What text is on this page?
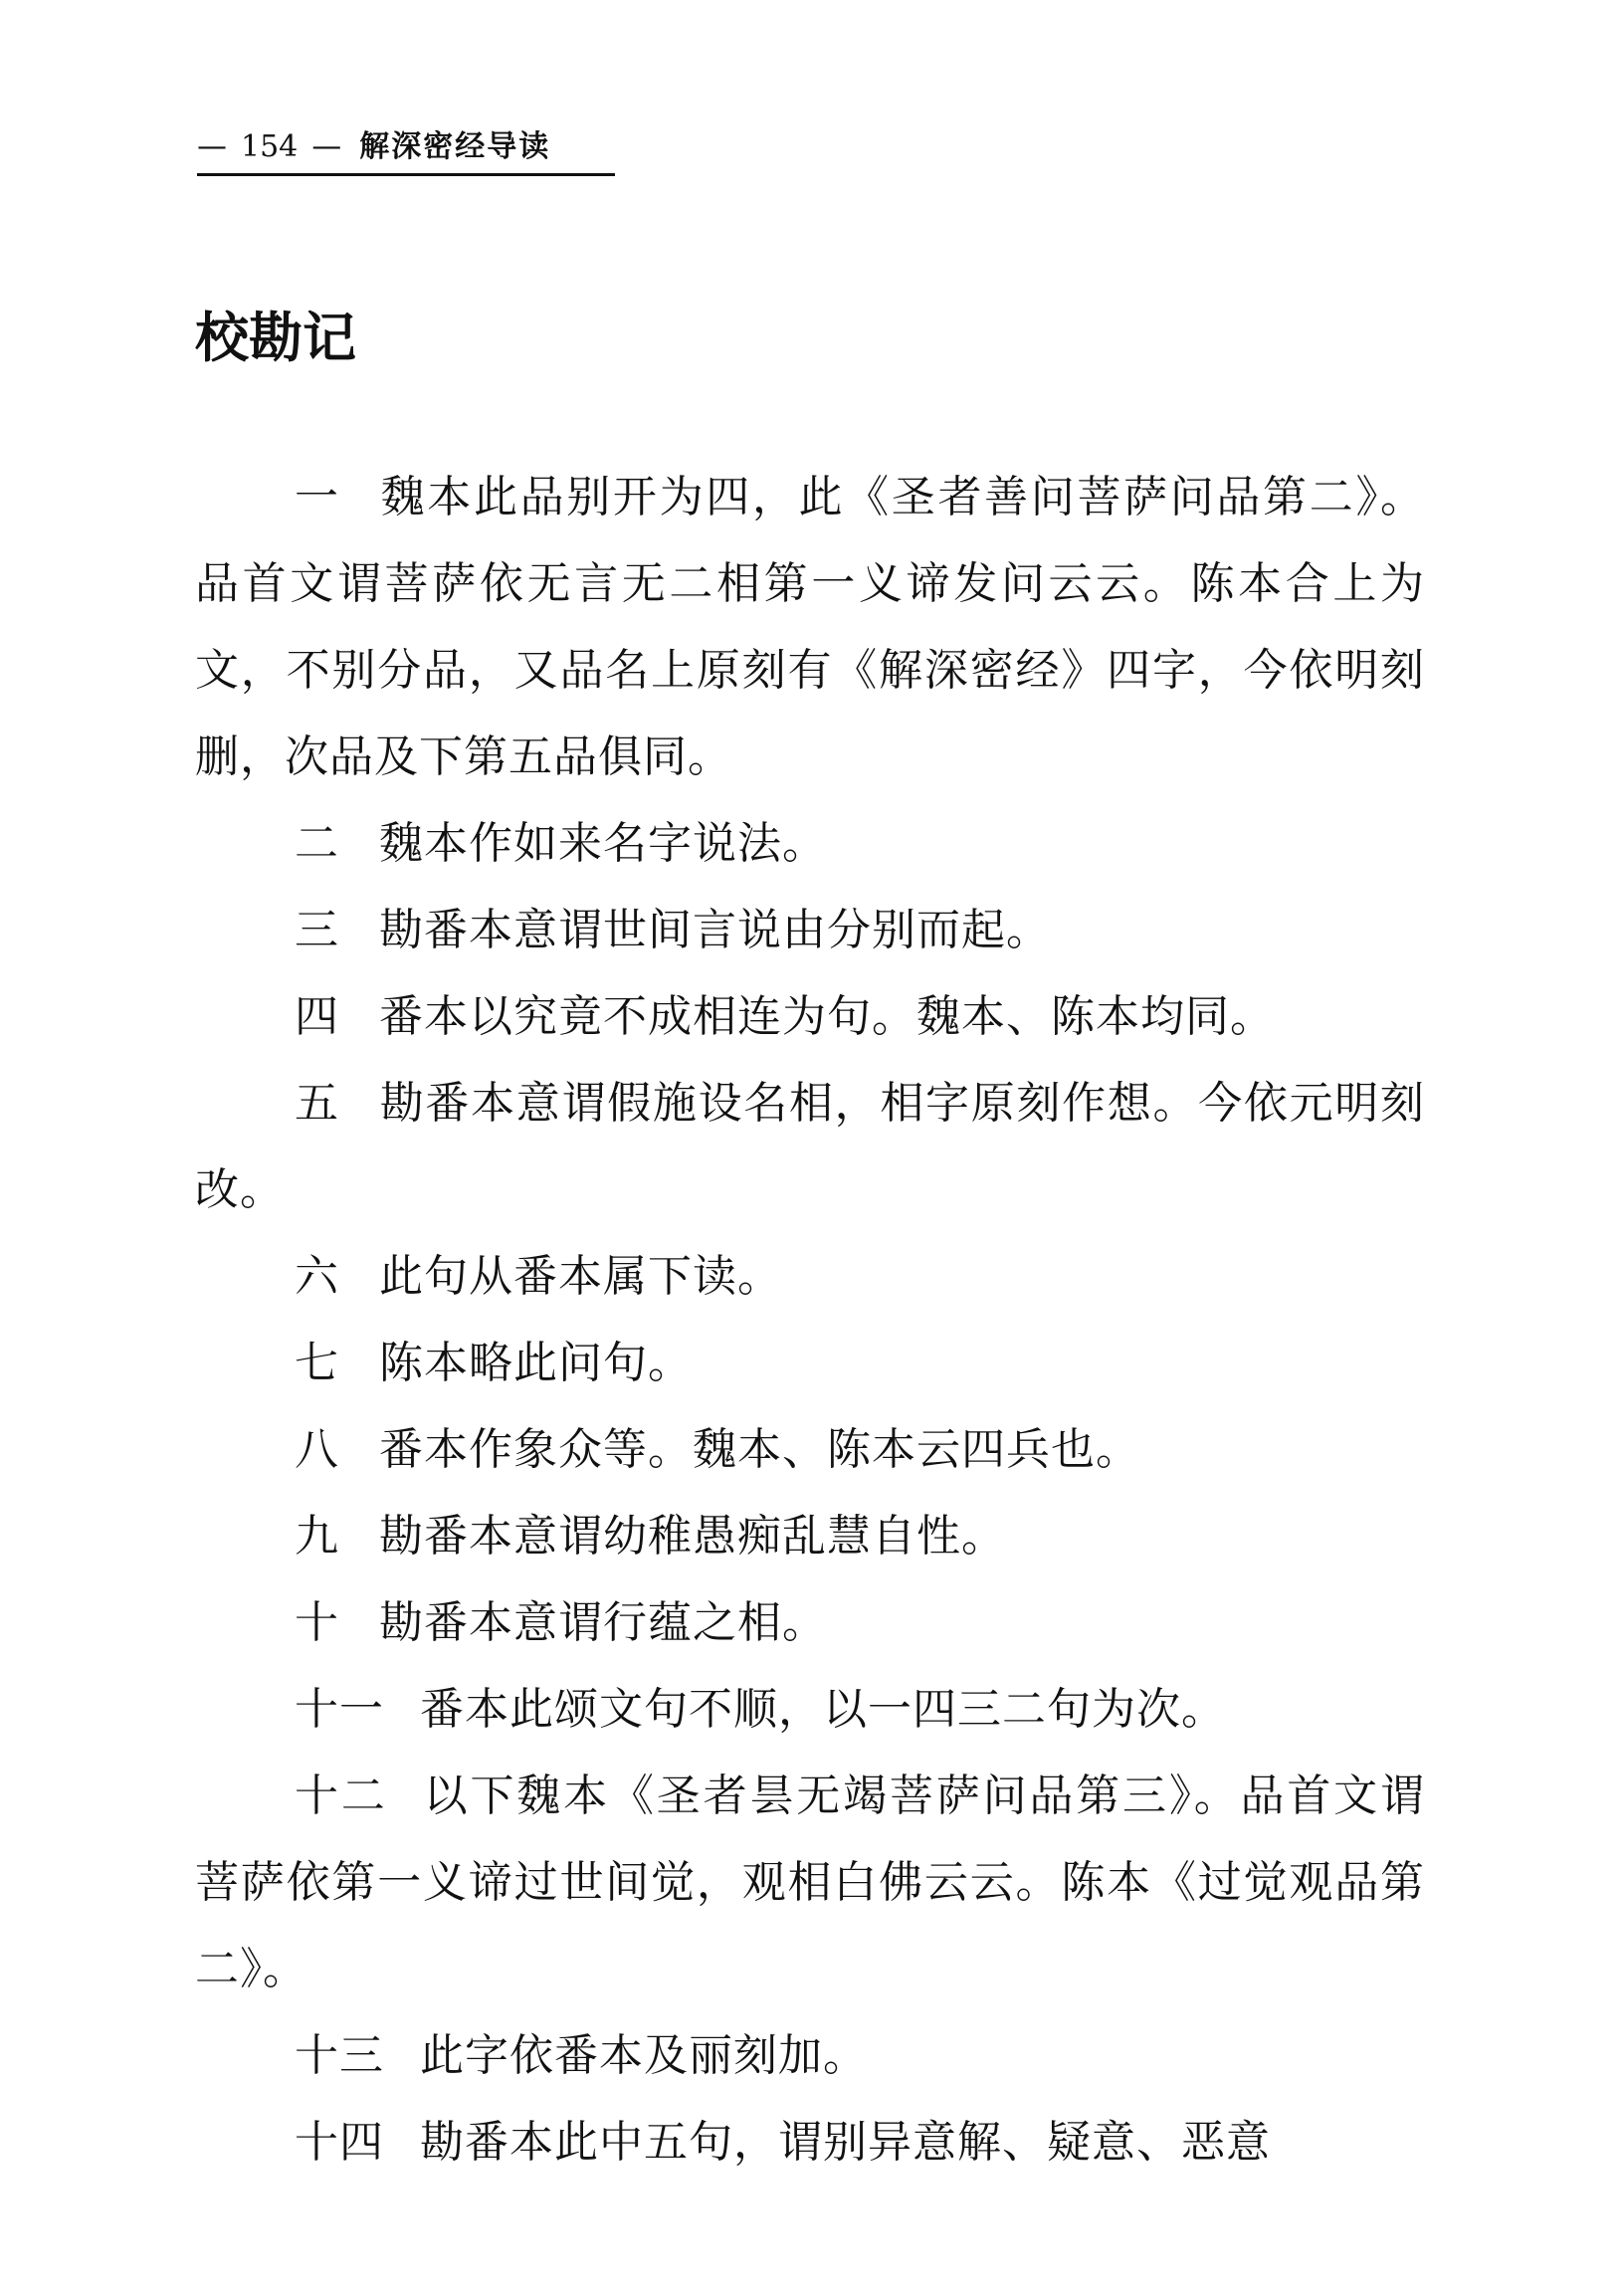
— 154 — 解深密经导读
校勘记

一 魏本此品别开为四，此《圣者善问菩萨问品第二》。品首文谓菩萨依无言无二相第一义谛发问云云。陈本合上为文，不别分品，又品名上原刻有《解深密经》四字，今依明刻删，次品及下第五品俱同。

二 魏本作如来名字说法。

三 勘番本意谓世间言说由分别而起。

四 番本以究竟不成相连为句。魏本、陈本均同。

五 勘番本意谓假施设名相，相字原刻作想。今依元明刻改。

六 此句从番本属下读。

七 陈本略此问句。

八 番本作象众等。魏本、陈本云四兵也。

九 勘番本意谓幼稚愚痴乱慧自性。

十 勘番本意谓行蕴之相。

十一 番本此颂文句不顺，以一四三二句为次。

十二 以下魏本《圣者昙无竭菩萨问品第三》。品首文谓菩萨依第一义谛过世间觉，观相白佛云云。陈本《过觉观品第二》。

十三 此字依番本及丽刻加。

十四 勘番本此中五句，谓别异意解、疑意、恶意
